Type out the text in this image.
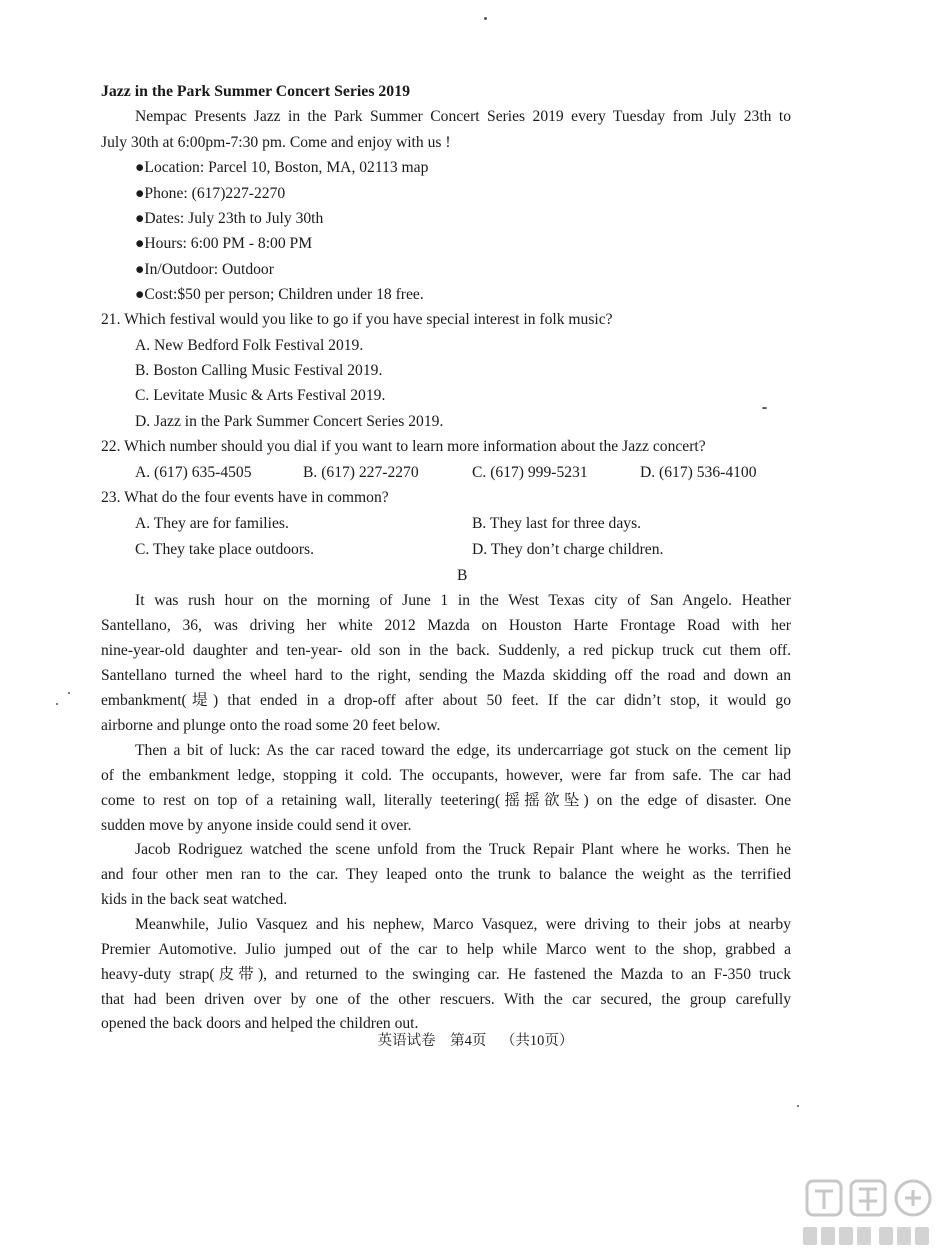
Jazz in the Park Summer Concert Series 2019
Nempac Presents Jazz in the Park Summer Concert Series 2019 every Tuesday from July 23th to
July 30th at 6:00pm-7:30 pm. Come and enjoy with us !
●Location: Parcel 10, Boston, MA, 02113 map
●Phone: (617)227-2270
●Dates: July 23th to July 30th
●Hours: 6:00 PM - 8:00 PM
●In/Outdoor: Outdoor
●Cost:$50 per person; Children under 18 free.
21. Which festival would you like to go if you have special interest in folk music?
A. New Bedford Folk Festival 2019.
B. Boston Calling Music Festival 2019.
C. Levitate Music & Arts Festival 2019.
D. Jazz in the Park Summer Concert Series 2019.
22. Which number should you dial if you want to learn more information about the Jazz concert?
A. (617) 635-4505	B. (617) 227-2270	C. (617) 999-5231	D. (617) 536-4100
23. What do the four events have in common?
A. They are for families.	B. They last for three days.
C. They take place outdoors.	D. They don’t charge children.
B
It was rush hour on the morning of June 1 in the West Texas city of San Angelo. Heather
Santellano, 36, was driving her white 2012 Mazda on Houston Harte Frontage Road with her
nine-year-old daughter and ten-year- old son in the back. Suddenly, a red pickup truck cut them off.
Santellano turned the wheel hard to the right, sending the Mazda skidding off the road and down an
embankment(堤) that ended in a drop-off after about 50 feet. If the car didn’t stop, it would go
airborne and plunge onto the road some 20 feet below.
Then a bit of luck: As the car raced toward the edge, its undercarriage got stuck on the cement lip
of the embankment ledge, stopping it cold. The occupants, however, were far from safe. The car had
come to rest on top of a retaining wall, literally teetering(摇摇欲坠) on the edge of disaster. One
sudden move by anyone inside could send it over.
Jacob Rodriguez watched the scene unfold from the Truck Repair Plant where he works. Then he
and four other men ran to the car. They leaped onto the trunk to balance the weight as the terrified
kids in the back seat watched.
Meanwhile, Julio Vasquez and his nephew, Marco Vasquez, were driving to their jobs at nearby
Premier Automotive. Julio jumped out of the car to help while Marco went to the shop, grabbed a
heavy-duty strap(皮带), and returned to the swinging car. He fastened the Mazda to an F-350 truck
that had been driven over by one of the other rescuers. With the car secured, the group carefully
opened the back doors and helped the children out.
英语试卷    第4页    （共10页）
